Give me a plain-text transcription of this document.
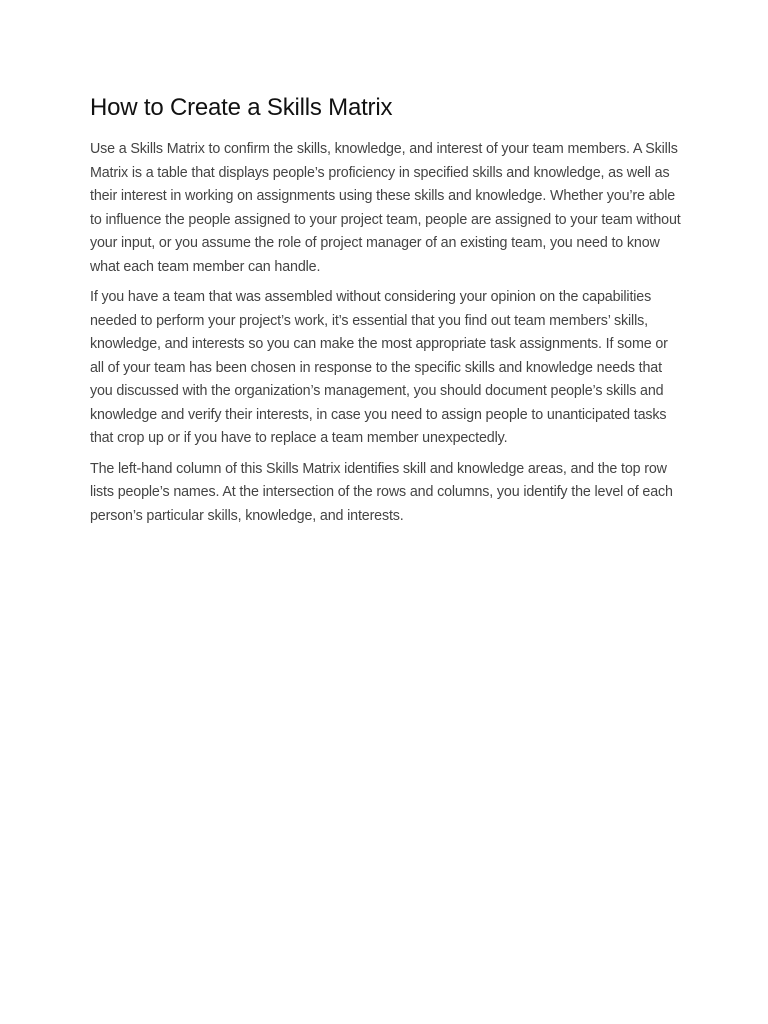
How to Create a Skills Matrix

Use a Skills Matrix to confirm the skills, knowledge, and interest of your team members. A Skills Matrix is a table that displays people’s proficiency in specified skills and knowledge, as well as their interest in working on assignments using these skills and knowledge. Whether you’re able to influence the people assigned to your project team, people are assigned to your team without your input, or you assume the role of project manager of an existing team, you need to know what each team member can handle.

If you have a team that was assembled without considering your opinion on the capabilities needed to perform your project’s work, it’s essential that you find out team members’ skills, knowledge, and interests so you can make the most appropriate task assignments. If some or all of your team has been chosen in response to the specific skills and knowledge needs that you discussed with the organization’s management, you should document people’s skills and knowledge and verify their interests, in case you need to assign people to unanticipated tasks that crop up or if you have to replace a team member unexpectedly.

The left-hand column of this Skills Matrix identifies skill and knowledge areas, and the top row lists people’s names. At the intersection of the rows and columns, you identify the level of each person’s particular skills, knowledge, and interests.
